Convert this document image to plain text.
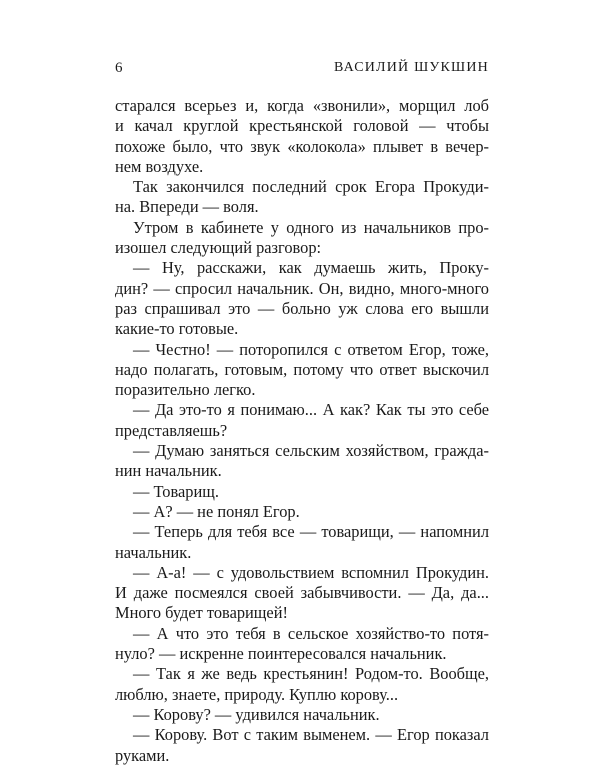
6	ВАСИЛИЙ ШУКШИН
старался всерьез и, когда «звонили», морщил лоб
и качал круглой крестьянской головой — чтобы
похоже было, что звук «колокола» плывет в вечер-
нем воздухе.
Так закончился последний срок Егора Прокуди-
на. Впереди — воля.
Утром в кабинете у одного из начальников про-
изошел следующий разговор:
— Ну, расскажи, как думаешь жить, Проку-
дин? — спросил начальник. Он, видно, много-много
раз спрашивал это — больно уж слова его вышли
какие-то готовые.
— Честно! — поторопился с ответом Егор, тоже,
надо полагать, готовым, потому что ответ выскочил
поразительно легко.
— Да это-то я понимаю... А как? Как ты это себе
представляешь?
— Думаю заняться сельским хозяйством, гражда-
нин начальник.
— Товарищ.
— А? — не понял Егор.
— Теперь для тебя все — товарищи, — напомнил
начальник.
— А-а! — с удовольствием вспомнил Прокудин.
И даже посмеялся своей забывчивости. — Да, да...
Много будет товарищей!
— А что это тебя в сельское хозяйство-то потя-
нуло? — искренне поинтересовался начальник.
— Так я же ведь крестьянин! Родом-то. Вообще,
люблю, знаете, природу. Куплю корову...
— Корову? — удивился начальник.
— Корову. Вот с таким выменем. — Егор показал
руками.
